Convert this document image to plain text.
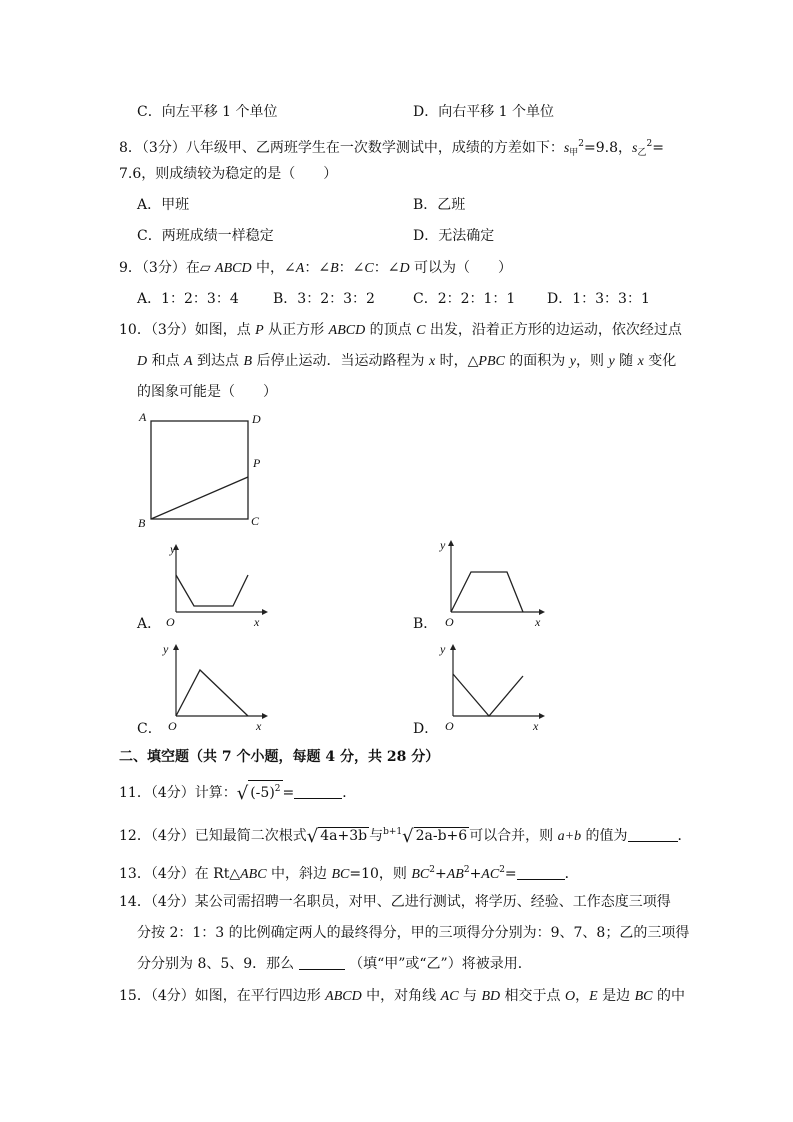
C．向左平移 1 个单位	D．向右平移 1 个单位
8．（3分）八年级甲、乙两班学生在一次数学测试中，成绩的方差如下：$s_甲^2=9.8$，$s_乙^2=$
7.6，则成绩较为稳定的是（　　）
A．甲班	B．乙班
C．两班成绩一样稳定	D．无法确定
9．（3分）在▱ ABCD 中，∠A：∠B：∠C：∠D 可以为（　　）
A．1：2：3：4 B．3：2：3：2	C．2：2：1：1 D．1：3：3：1
10．（3分）如图，点 P 从正方形 ABCD 的顶点 C 出发，沿着正方形的边运动，依次经过点
D 和点 A 到达点 B 后停止运动．当运动路程为 x 时，△PBC 的面积为 y，则 y 随 x 变化
的图象可能是（　　）
A	D
P
B	C
A．
y
O	x	B．
y
O	x
C．
y
O	x	D．
y
O	x
二、填空题（共 7 个小题，每题 4 分，共 28 分）
11．（4分）计算：√ $(-5)^2$ =	．
12．（4分）已知最简二次根式√ 4a+3b 与$^{b+1}$√ 2a-b+6 可以合并，则 a+b 的值为	．
13．（4分）在 Rt△ABC 中，斜边 BC=10，则 $BC^2+AB^2+AC^2=$	．
14．（4分）某公司需招聘一名职员，对甲、乙进行测试，将学历、经验、工作态度三项得
分按 2：1：3 的比例确定两人的最终得分，甲的三项得分分别为：9、7、8；乙的三项得
分分别为 8、5、9．那么	（填“甲”或“乙”）将被录用．
15．（4分）如图，在平行四边形 ABCD 中，对角线 AC 与 BD 相交于点 O，E 是边 BC 的中
